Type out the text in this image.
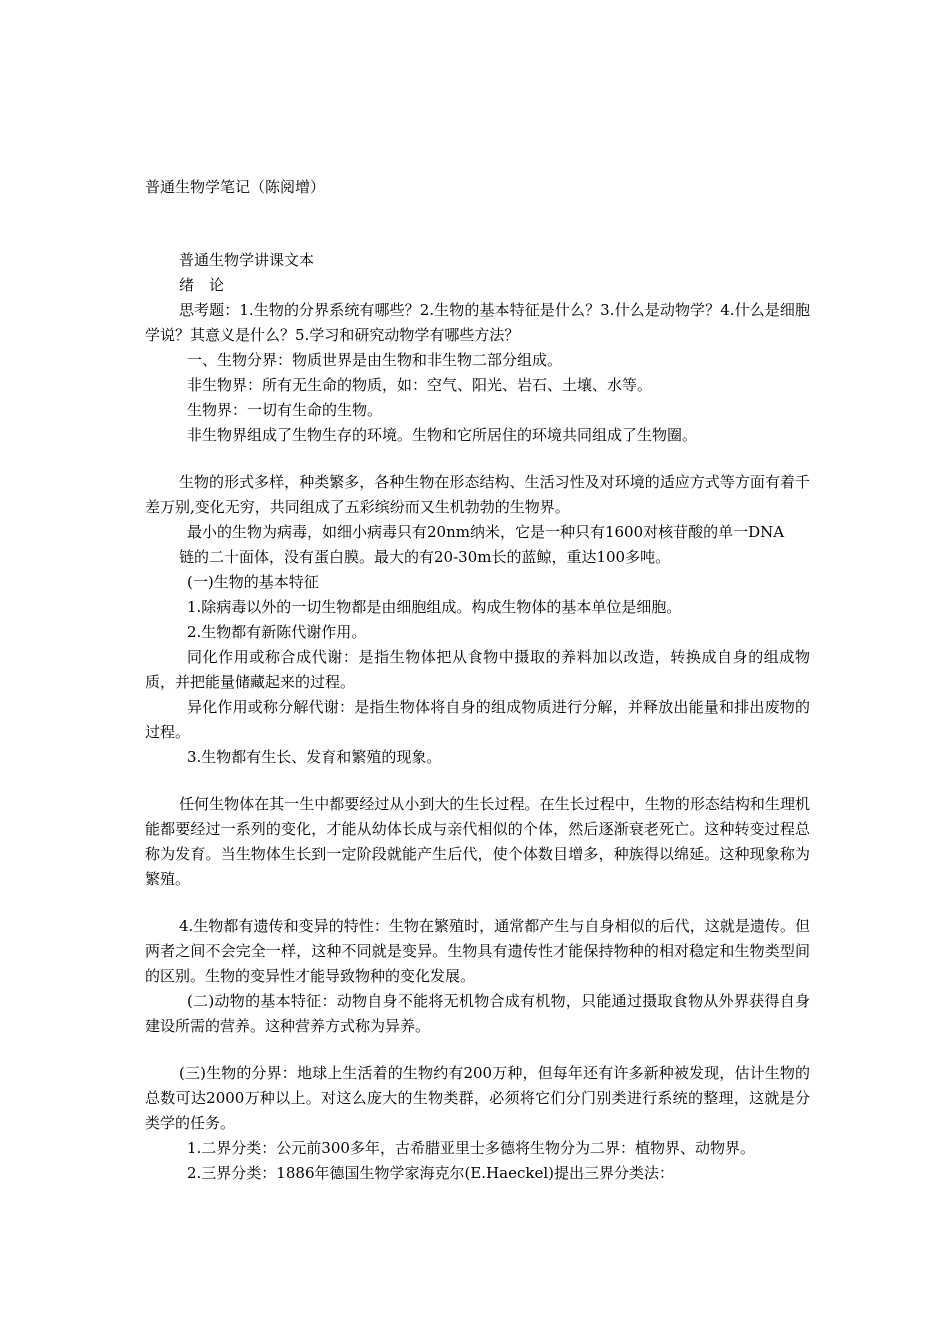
普通生物学笔记（陈阅增）

普通生物学讲课文本

绪　论

思考题：1.生物的分界系统有哪些？2.生物的基本特征是什么？3.什么是动物学？4.什么是细胞学说？其意义是什么？5.学习和研究动物学有哪些方法？

一、生物分界：物质世界是由生物和非生物二部分组成。

非生物界：所有无生命的物质，如：空气、阳光、岩石、土壤、水等。

生物界：一切有生命的生物。

非生物界组成了生物生存的环境。生物和它所居住的环境共同组成了生物圈。

生物的形式多样，种类繁多，各种生物在形态结构、生活习性及对环境的适应方式等方面有着千差万别,变化无穷，共同组成了五彩缤纷而又生机勃勃的生物界。

最小的生物为病毒，如细小病毒只有20nm纳米，它是一种只有1600对核苷酸的单一DNA

链的二十面体，没有蛋白膜。最大的有20-30m长的蓝鲸，重达100多吨。

(一)生物的基本特征

1.除病毒以外的一切生物都是由细胞组成。构成生物体的基本单位是细胞。

2.生物都有新陈代谢作用。

同化作用或称合成代谢：是指生物体把从食物中摄取的养料加以改造，转换成自身的组成物质，并把能量储藏起来的过程。

异化作用或称分解代谢：是指生物体将自身的组成物质进行分解，并释放出能量和排出废物的过程。

3.生物都有生长、发育和繁殖的现象。

任何生物体在其一生中都要经过从小到大的生长过程。在生长过程中，生物的形态结构和生理机能都要经过一系列的变化，才能从幼体长成与亲代相似的个体，然后逐渐衰老死亡。这种转变过程总称为发育。当生物体生长到一定阶段就能产生后代，使个体数目增多，种族得以绵延。这种现象称为繁殖。

4.生物都有遗传和变异的特性：生物在繁殖时，通常都产生与自身相似的后代，这就是遗传。但两者之间不会完全一样，这种不同就是变异。生物具有遗传性才能保持物种的相对稳定和生物类型间的区别。生物的变异性才能导致物种的变化发展。

(二)动物的基本特征：动物自身不能将无机物合成有机物，只能通过摄取食物从外界获得自身建设所需的营养。这种营养方式称为异养。

(三)生物的分界：地球上生活着的生物约有200万种，但每年还有许多新种被发现，估计生物的总数可达2000万种以上。对这么庞大的生物类群，必须将它们分门别类进行系统的整理，这就是分类学的任务。

1.二界分类：公元前300多年，古希腊亚里士多德将生物分为二界：植物界、动物界。

2.三界分类：1886年德国生物学家海克尔(E.Haeckel)提出三界分类法：
